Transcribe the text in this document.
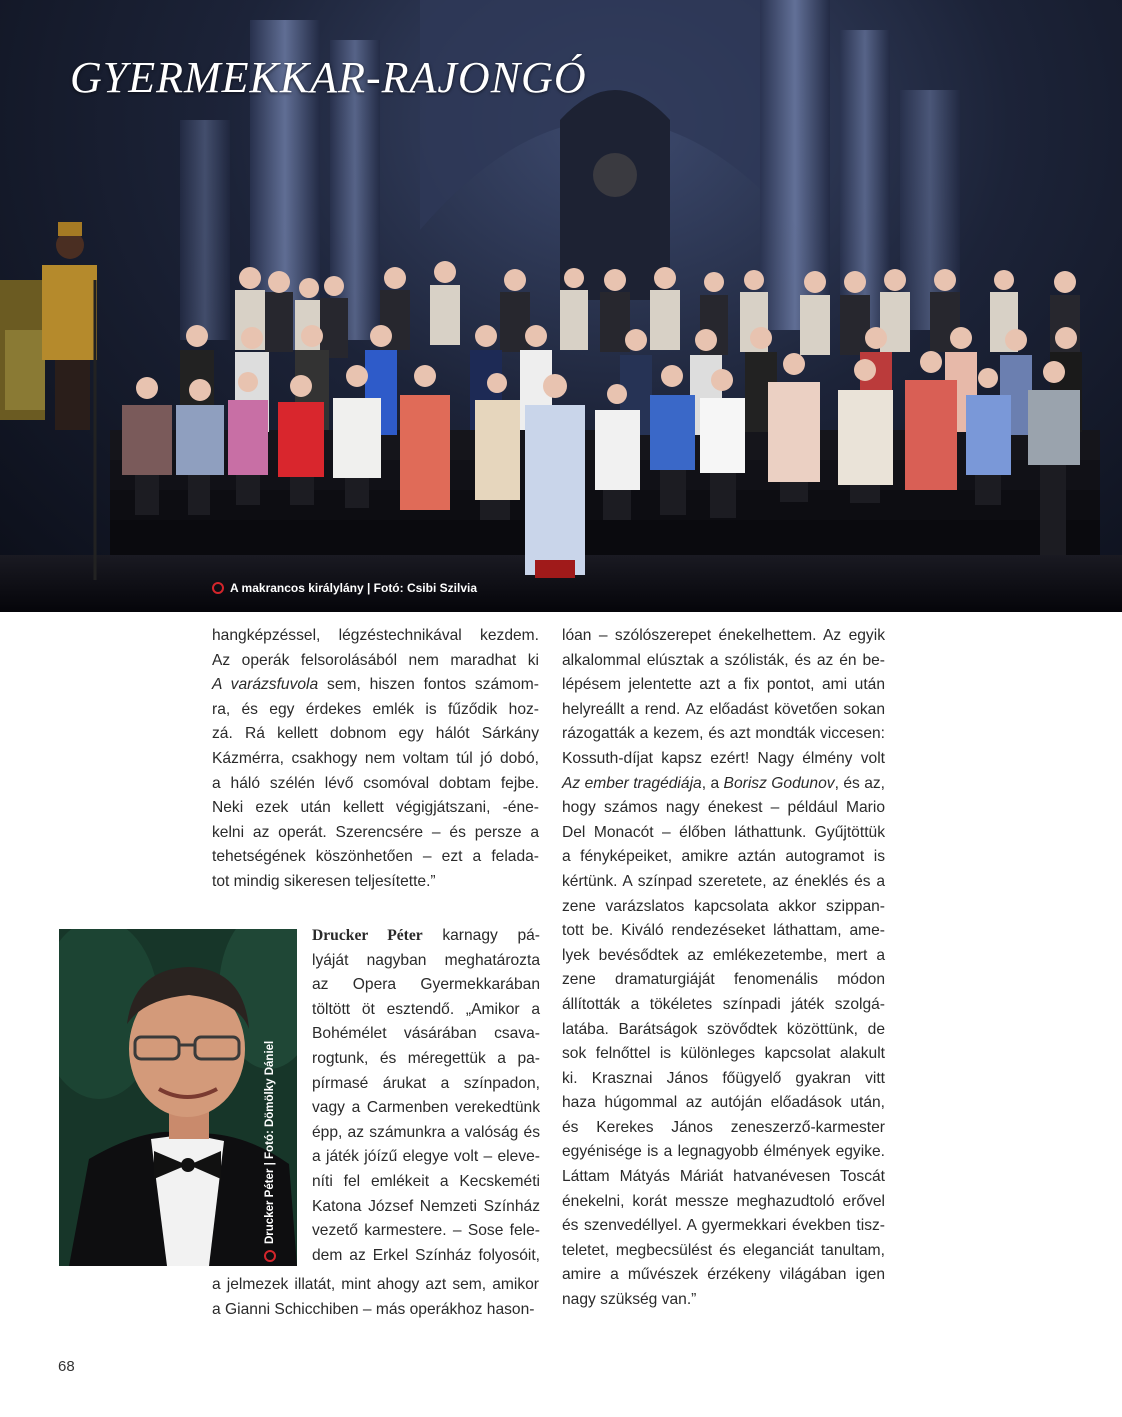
GYERMEKKAR-RAJONGÓ
A makrancos királylány | Fotó: Csibi Szilvia
hangképzéssel, légzéstechnikával kezdem.
Az operák felsorolásából nem maradhat ki
A varázsfuvola sem, hiszen fontos számom-
ra, és egy érdekes emlék is fűződik hoz-
zá. Rá kellett dobnom egy hálót Sárkány
Kázmérra, csakhogy nem voltam túl jó dobó,
a háló szélén lévő csomóval dobtam fejbe.
Neki ezek után kellett végigjátszani, -éne-
kelni az operát. Szerencsére – és persze a
tehetségének köszönhetően – ezt a felada-
tot mindig sikeresen teljesítette.”
Drucker Péter | Fotó: Dömölky Dániel
Drucker Péter karnagy pá-
lyáját nagyban meghatározta
az Opera Gyermekkarában
töltött öt esztendő. „Amikor a
Bohémélet vásárában csava-
rogtunk, és méregettük a pa-
pírmasé árukat a színpadon,
vagy a Carmenben verekedtünk
épp, az számunkra a valóság és
a játék jóízű elegye volt – eleve-
níti fel emlékeit a Kecskeméti
Katona József Nemzeti Színház
vezető karmestere. – Sose fele-
dem az Erkel Színház folyosóit,
a jelmezek illatát, mint ahogy azt sem, amikor
a Gianni Schicchiben – más operákhoz hason-
lóan – szólószerepet énekelhettem. Az egyik
alkalommal elúsztak a szólisták, és az én be-
lépésem jelentette azt a fix pontot, ami után
helyreállt a rend. Az előadást követően sokan
rázogatták a kezem, és azt mondták viccesen:
Kossuth-díjat kapsz ezért! Nagy élmény volt
Az ember tragédiája, a Borisz Godunov, és az,
hogy számos nagy énekest – például Mario
Del Monacót – élőben láthattunk. Gyűjtöttük
a fényképeiket, amikre aztán autogramot is
kértünk. A színpad szeretete, az éneklés és a
zene varázslatos kapcsolata akkor szippan-
tott be. Kiváló rendezéseket láthattam, ame-
lyek bevésődtek az emlékezetembe, mert a
zene dramaturgiáját fenomenális módon
állították a tökéletes színpadi játék szolgá-
latába. Barátságok szövődtek közöttünk, de
sok felnőttel is különleges kapcsolat alakult
ki. Krasznai János főügyelő gyakran vitt
haza húgommal az autóján előadások után,
és Kerekes János zeneszerző-karmester
egyénisége is a legnagyobb élmények egyike.
Láttam Mátyás Máriát hatvanévesen Toscát
énekelni, korát messze meghazudtoló erővel
és szenvedéllyel. A gyermekkari években tisz-
teletet, megbecsülést és eleganciát tanultam,
amire a művészek érzékeny világában igen
nagy szükség van.”
68
